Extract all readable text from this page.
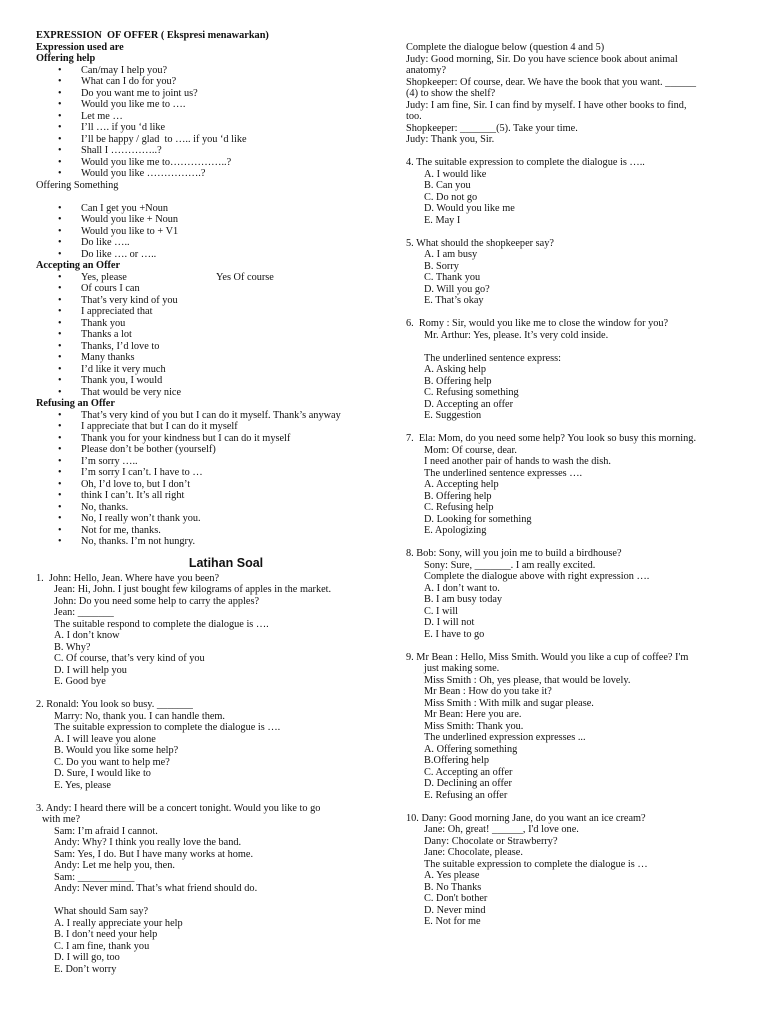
EXPRESSION  OF OFFER ( Ekspresi menawarkan)
Expression used are
Offering help
• Can/may I help you?
• What can I do for you?
• Do you want me to joint us?
• Would you like me to ….
• Let me …
• I’ll …. if you ‘d like
• I’ll be happy / glad  to ….. if you ‘d like
• Shall I …………..?
• Would you like me to……………..?
• Would you like …………….?
Offering Something
• Can I get you +Noun
• Would you like + Noun
• Would you like to + V1
• Do like …..
• Do like …. or …..
Accepting an Offer
• Yes, please	Yes Of course
• Of cours I can
• That’s very kind of you
• I appreciated that
• Thank you
• Thanks a lot
• Thanks, I’d love to
• Many thanks
• I’d like it very much
• Thank you, I would
• That would be very nice
Refusing an Offer
• That’s very kind of you but I can do it myself. Thank’s anyway
• I appreciate that but I can do it myself
• Thank you for your kindness but I can do it myself
• Please don’t be bother (yourself)
• I’m sorry …..
• I’m sorry I can’t. I have to …
• Oh, I’d love to, but I don’t
• think I can’t. It’s all right
• No, thanks.
• No, I really won’t thank you.
• Not for me, thanks.
• No, thanks. I’m not hungry.
Latihan Soal
1.  John: Hello, Jean. Where have you been?
Jean: Hi, John. I just bought few kilograms of apples in the market.
John: Do you need some help to carry the apples?
Jean: _______
The suitable respond to complete the dialogue is ….
A. I don’t know
B. Why?
C. Of course, that’s very kind of you
D. I will help you
E. Good bye
2. Ronald: You look so busy. _______
Marry: No, thank you. I can handle them.
The suitable expression to complete the dialogue is ….
A. I will leave you alone
B. Would you like some help?
C. Do you want to help me?
D. Sure, I would like to
E. Yes, please
3. Andy: I heard there will be a concert tonight. Would you like to go
with me?
Sam: I’m afraid I cannot.
Andy: Why? I think you really love the band.
Sam: Yes, I do. But I have many works at home.
Andy: Let me help you, then.
Sam: ___________
Andy: Never mind. That’s what friend should do.
What should Sam say?
A. I really appreciate your help
B. I don’t need your help
C. I am fine, thank you
D. I will go, too
E. Don’t worry
Complete the dialogue below (question 4 and 5)
Judy: Good morning, Sir. Do you have science book about animal
anatomy?
Shopkeeper: Of course, dear. We have the book that you want. ______
(4) to show the shelf?
Judy: I am fine, Sir. I can find by myself. I have other books to find,
too.
Shopkeeper: _______(5). Take your time.
Judy: Thank you, Sir.
4. The suitable expression to complete the dialogue is …..
A. I would like
B. Can you
C. Do not go
D. Would you like me
E. May I
5. What should the shopkeeper say?
A. I am busy
B. Sorry
C. Thank you
D. Will you go?
E. That’s okay
6.  Romy : Sir, would you like me to close the window for you?
Mr. Arthur: Yes, please. It’s very cold inside.
The underlined sentence express:
A. Asking help
B. Offering help
C. Refusing something
D. Accepting an offer
E. Suggestion
7.  Ela: Mom, do you need some help? You look so busy this morning.
Mom: Of course, dear.
I need another pair of hands to wash the dish.
The underlined sentence expresses ….
A. Accepting help
B. Offering help
C. Refusing help
D. Looking for something
E. Apologizing
8. Bob: Sony, will you join me to build a birdhouse?
Sony: Sure, _______. I am really excited.
Complete the dialogue above with right expression ….
A. I don’t want to.
B. I am busy today
C. I will
D. I will not
E. I have to go
9. Mr Bean : Hello, Miss Smith. Would you like a cup of coffee? I'm
just making some.
Miss Smith : Oh, yes please, that would be lovely.
Mr Bean : How do you take it?
Miss Smith : With milk and sugar please.
Mr Bean: Here you are.
Miss Smith: Thank you.
The underlined expression expresses ...
A. Offering something
B.Offering help
C. Accepting an offer
D. Declining an offer
E. Refusing an offer
10. Dany: Good morning Jane, do you want an ice cream?
Jane: Oh, great! ______, I'd love one.
Dany: Chocolate or Strawberry?
Jane: Chocolate, please.
The suitable expression to complete the dialogue is …
A. Yes please
B. No Thanks
C. Don't bother
D. Never mind
E. Not for me
